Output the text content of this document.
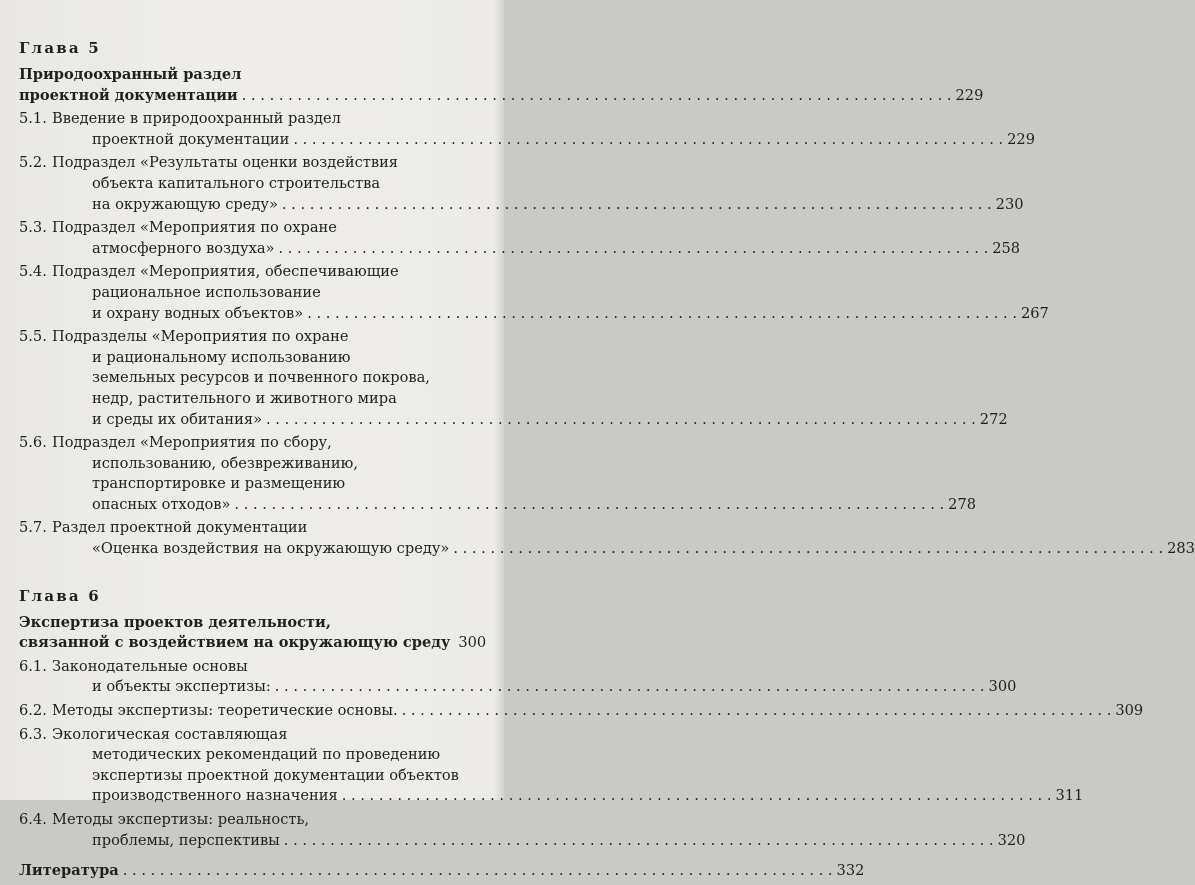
Глава 5
Природоохранный раздел
проектной документации . . .	229
5.1. Введение в природоохранный раздел
проектной документации . . .	229
5.2. Подраздел «Результаты оценки воздействия
объекта капитального строительства
на окружающую среду» . . .	230
5.3. Подраздел «Мероприятия по охране
атмосферного воздуха» . . .	258
5.4. Подраздел «Мероприятия, обеспечивающие
рациональное использование
и охрану водных объектов» . . .	267
5.5. Подразделы «Мероприятия по охране
и рациональному использованию
земельных ресурсов и почвенного покрова,
недр, растительного и животного мира
и среды их обитания» . . .	272
5.6. Подраздел «Мероприятия по сбору,
использованию, обезвреживанию,
транспортировке и размещению
опасных отходов» . . .	278
5.7. Раздел проектной документации
«Оценка воздействия на окружающую среду» . . .	283
Глава 6
Экспертиза проектов деятельности,
связанной с воздействием на окружающую среду 300
6.1. Законодательные основы
и объекты экспертизы: . . .	300
6.2. Методы экспертизы: теоретические основы. . . .	309
6.3. Экологическая составляющая
методических рекомендаций по проведению
экспертизы проектной документации объектов
производственного назначения . . .	311
6.4. Методы экспертизы: реальность,
проблемы, перспективы . . .	320
Литература . . .	332
